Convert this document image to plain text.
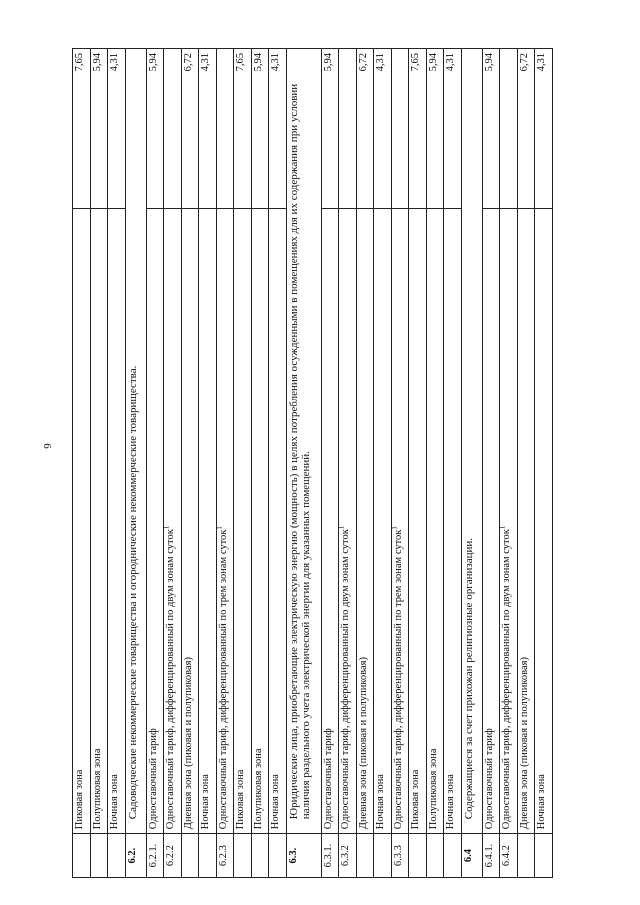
6
	Пиковая зона	7,65
	Полупиковая зона	5,94
	Ночная зона	4,31
6.2.	Садоводческие некоммерческие товарищества и огороднические некоммерческие товарищества.	
6.2.1.	Одноставочный тариф	5,94
6.2.2	Одноставочный тариф, дифференцированный по двум зонам суток$^1$	
	Дневная зона (пиковая и полупиковая)	6,72
	Ночная зона	4,31
6.2.3	Одноставочный тариф, дифференцированный по трем зонам суток$^1$	
	Пиковая зона	7,65
	Полупиковая зона	5,94
	Ночная зона	4,31
6.3.	Юридические лица, приобретающие электрическую энергию (мощность) в целях потребления осужденными в помещениях для их содержания при условии наличия раздельного учета электрической энергии для указанных помещений.	
6.3.1.	Одноставочный тариф	5,94
6.3.2	Одноставочный тариф, дифференцированный по двум зонам суток$^1$	
	Дневная зона (пиковая и полупиковая)	6,72
	Ночная зона	4,31
6.3.3	Одноставочный тариф, дифференцированный по трем зонам суток$^1$	
	Пиковая зона	7,65
	Полупиковая зона	5,94
	Ночная зона	4,31
6.4	Содержащиеся за счет прихожан религиозные организации.	
6.4.1.	Одноставочный тариф	5,94
6.4.2	Одноставочный тариф, дифференцированный по двум зонам суток$^1$	
	Дневная зона (пиковая и полупиковая)	6,72
	Ночная зона	4,31
